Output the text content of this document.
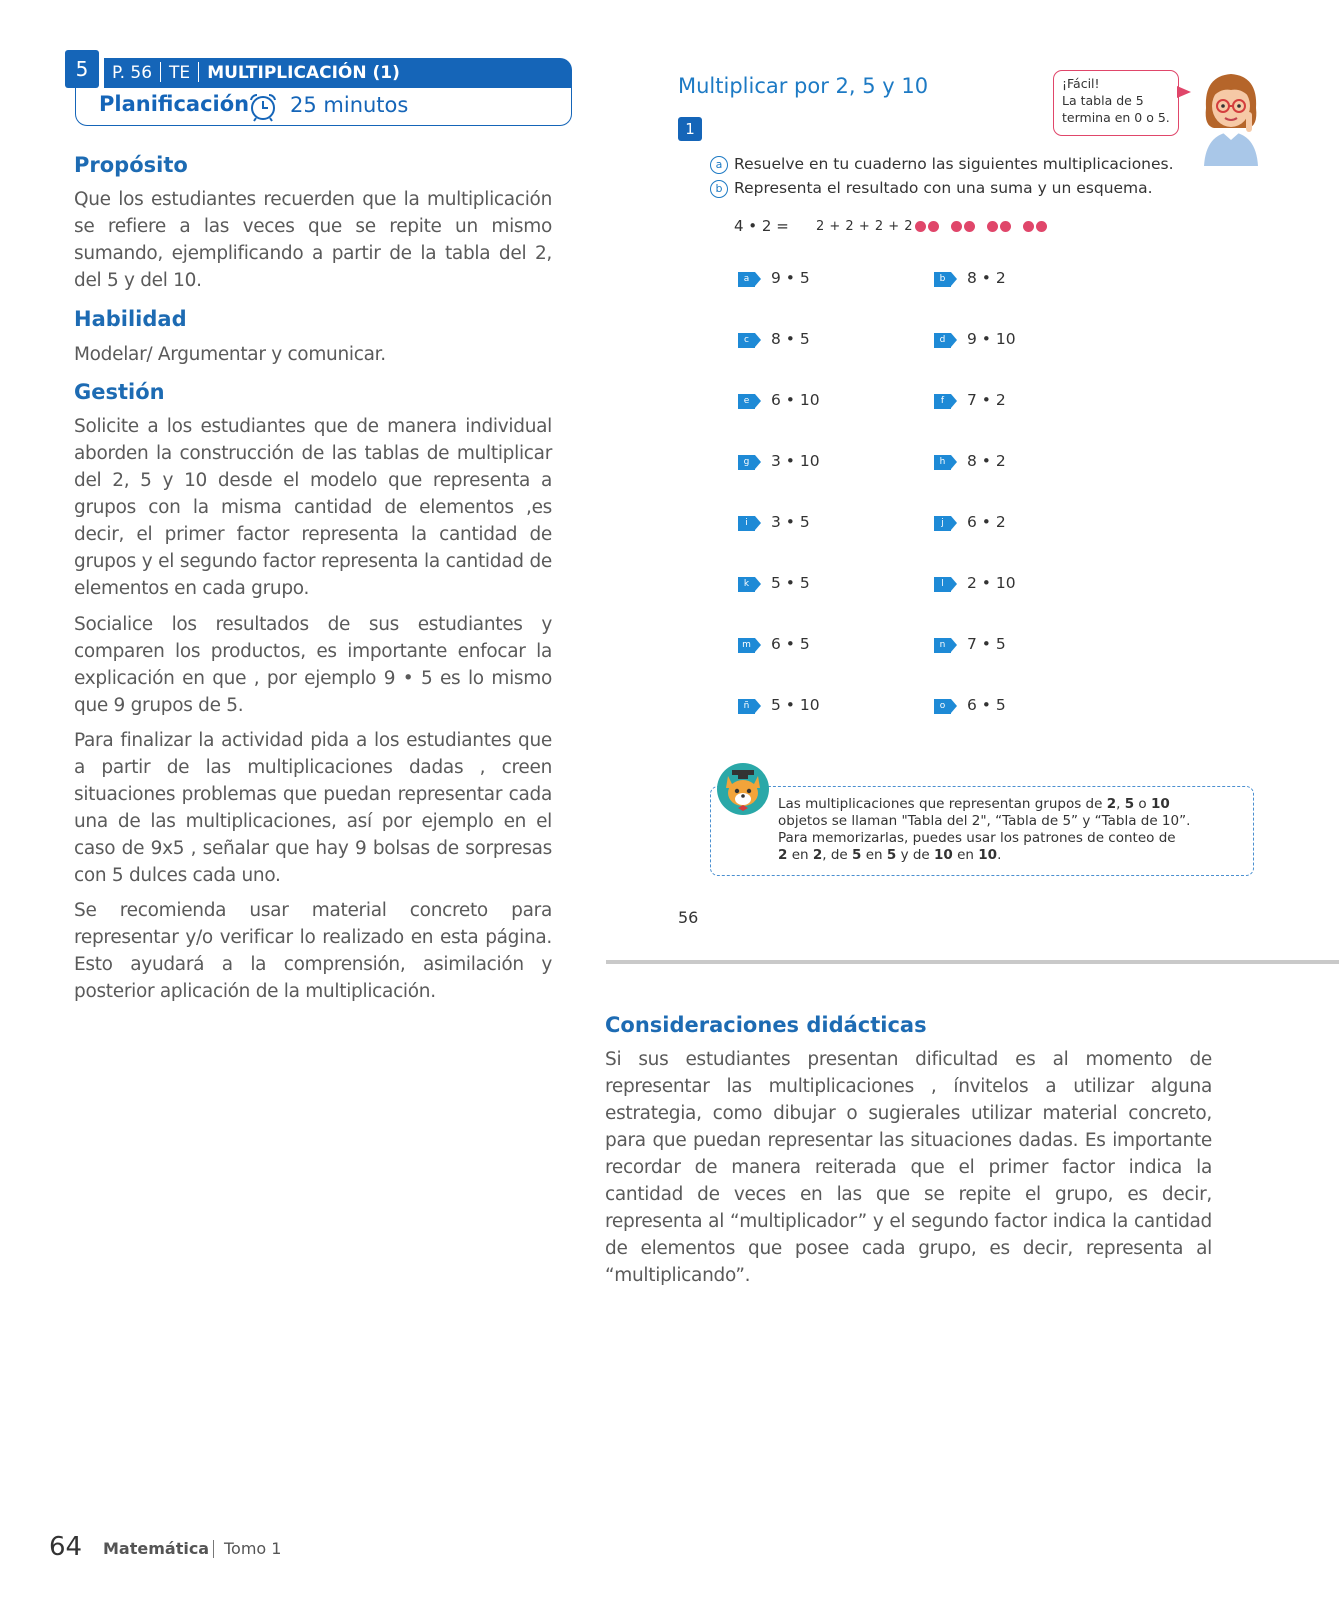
5	P. 56 TE MULTIPLICACIÓN (1)
Planificación 25 minutos
Propósito
Que los estudiantes recuerden que la multiplicación se refiere a las veces que se repite un mismo sumando, ejemplificando a partir de la tabla del 2, del 5 y del 10.
Habilidad
Modelar/ Argumentar y comunicar.
Gestión
Solicite a los estudiantes que de manera individual aborden la construcción de las tablas de multiplicar del 2, 5 y 10 desde el modelo que representa a grupos con la misma cantidad de elementos ,es decir, el primer factor representa la cantidad de grupos y el segundo factor representa la cantidad de elementos en cada grupo.
Socialice los resultados de sus estudiantes y comparen los productos, es importante enfocar la explicación en que , por ejemplo 9 • 5 es lo mismo que 9 grupos de 5.
Para finalizar la actividad pida a los estudiantes que a partir de las multiplicaciones dadas , creen situaciones problemas que puedan representar cada una de las multiplicaciones, así por ejemplo en el caso de 9x5 , señalar que hay 9 bolsas de sorpresas con 5 dulces cada uno.
Se recomienda usar material concreto para representar y/o verificar lo realizado en esta página. Esto ayudará a la comprensión, asimilación y posterior aplicación de la multiplicación.
Multiplicar por 2, 5 y 10
1
a Resuelve en tu cuaderno las siguientes multiplicaciones.
b Representa el resultado con una suma y un esquema.
4 • 2 = 2 + 2 + 2 + 2
a 9 • 5	b 8 • 2
c 8 • 5	d 9 • 10
e 6 • 10	f 7 • 2
g 3 • 10	h 8 • 2
i 3 • 5	j 6 • 2
k 5 • 5	l 2 • 10
m 6 • 5	n 7 • 5
ñ 5 • 10	o 6 • 5
¡Fácil!
La tabla de 5
termina en 0 o 5.
Las multiplicaciones que representan grupos de 2, 5 o 10
objetos se llaman "Tabla del 2", “Tabla de 5” y “Tabla de 10”.
Para memorizarlas, puedes usar los patrones de conteo de
2 en 2, de 5 en 5 y de 10 en 10.
56
Consideraciones didácticas
Si sus estudiantes presentan dificultad es al momento de representar las multiplicaciones , ínvitelos a utilizar alguna estrategia, como dibujar o sugierales utilizar material concreto, para que puedan representar las situaciones dadas. Es importante recordar de manera reiterada que el primer factor indica la cantidad de veces en las que se repite el grupo, es decir, representa al “multiplicador” y el segundo factor indica la cantidad de elementos que posee cada grupo, es decir, representa al “multiplicando”.
64 Matemática Tomo 1
